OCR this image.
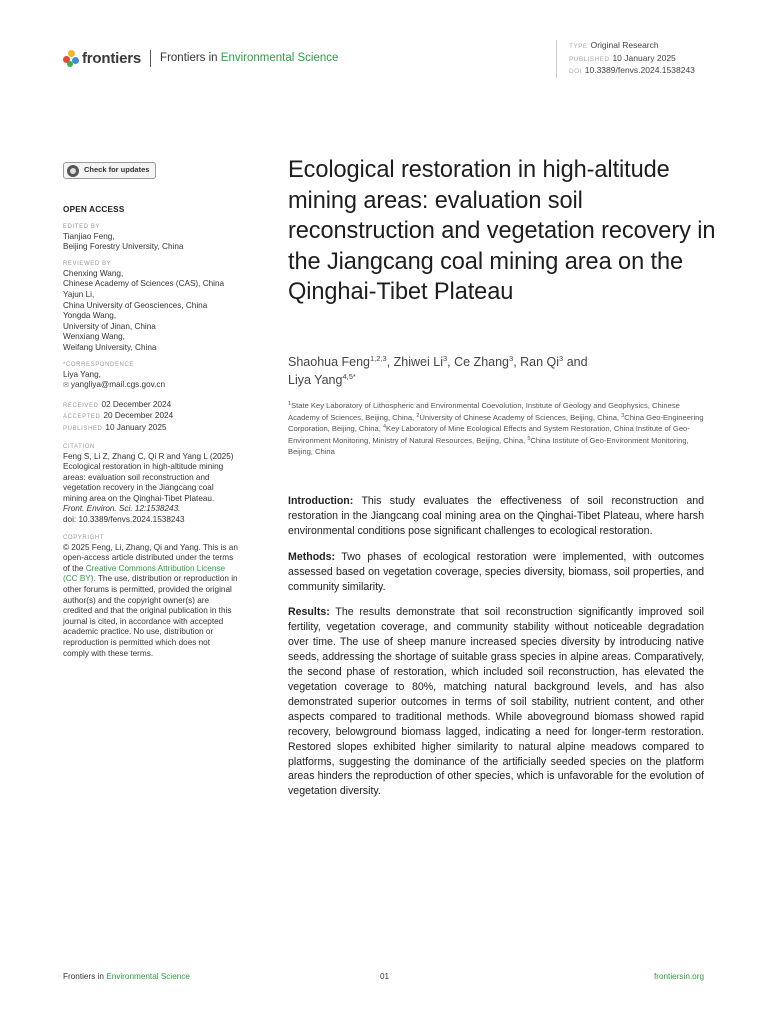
frontiers Frontiers in Environmental Science
TYPE Original Research
PUBLISHED 10 January 2025
DOI 10.3389/fenvs.2024.1538243
Check for updates
OPEN ACCESS
EDITED BY
Tianjiao Feng,
Beijing Forestry University, China
REVIEWED BY
Chenxing Wang,
Chinese Academy of Sciences (CAS), China
Yajun Li,
China University of Geosciences, China
Yongda Wang,
University of Jinan, China
Wenxiang Wang,
Weifang University, China
*CORRESPONDENCE
Liya Yang,
✉ yangliya@mail.cgs.gov.cn
RECEIVED 02 December 2024
ACCEPTED 20 December 2024
PUBLISHED 10 January 2025
CITATION
Feng S, Li Z, Zhang C, Qi R and Yang L (2025)
Ecological restoration in high-altitude mining
areas: evaluation soil reconstruction and
vegetation recovery in the Jiangcang coal
mining area on the Qinghai-Tibet Plateau.
Front. Environ. Sci. 12:1538243.
doi: 10.3389/fenvs.2024.1538243
COPYRIGHT
© 2025 Feng, Li, Zhang, Qi and Yang. This is an
open-access article distributed under the terms
of the Creative Commons Attribution License
(CC BY). The use, distribution or reproduction in
other forums is permitted, provided the original
author(s) and the copyright owner(s) are
credited and that the original publication in this
journal is cited, in accordance with accepted
academic practice. No use, distribution or
reproduction is permitted which does not
comply with these terms.
Ecological restoration in high-altitude mining areas: evaluation soil reconstruction and vegetation recovery in the Jiangcang coal mining area on the Qinghai-Tibet Plateau
Shaohua Feng$^{1,2,3}$, Zhiwei Li$^3$, Ce Zhang$^3$, Ran Qi$^3$ and
Liya Yang$^{4,5*}$
$^1$State Key Laboratory of Lithospheric and Environmental Coevolution, Institute of Geology and Geophysics, Chinese Academy of Sciences, Beijing, China, $^2$University of Chinese Academy of Sciences, Beijing, China, $^3$China Geo-Engineering Corporation, Beijing, China, $^4$Key Laboratory of Mine Ecological Effects and System Restoration, China Institute of Geo-Environment Monitoring, Ministry of Natural Resources, Beijing, China, $^5$China Institute of Geo-Environment Monitoring, Beijing, China

Introduction: This study evaluates the effectiveness of soil reconstruction and restoration in the Jiangcang coal mining area on the Qinghai-Tibet Plateau, where harsh environmental conditions pose significant challenges to ecological restoration.

Methods: Two phases of ecological restoration were implemented, with outcomes assessed based on vegetation coverage, species diversity, biomass, soil properties, and community similarity.

Results: The results demonstrate that soil reconstruction significantly improved soil fertility, vegetation coverage, and community stability without noticeable degradation over time. The use of sheep manure increased species diversity by introducing native seeds, addressing the shortage of suitable grass species in alpine areas. Comparatively, the second phase of restoration, which included soil reconstruction, has elevated the vegetation coverage to 80%, matching natural background levels, and has also demonstrated superior outcomes in terms of soil stability, nutrient content, and other aspects compared to traditional methods. While aboveground biomass showed rapid recovery, belowground biomass lagged, indicating a need for longer-term restoration. Restored slopes exhibited higher similarity to natural alpine meadows compared to platforms, suggesting the dominance of the artificially seeded species on the platform areas hinders the reproduction of other species, which is unfavorable for the evolution of vegetation diversity.

Frontiers in Environmental Science	01	frontiersin.org
